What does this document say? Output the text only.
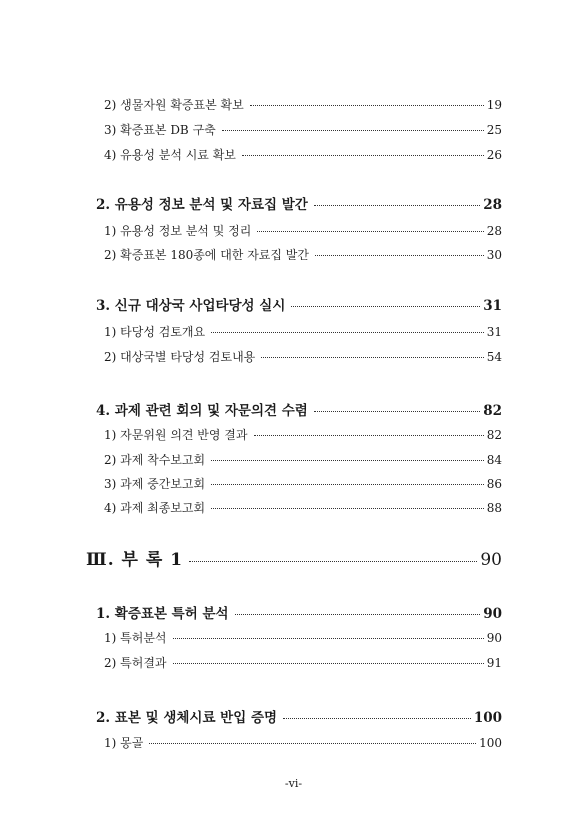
2) 생물자원 확증표본 확보	19
3) 확증표본 DB 구축	25
4) 유용성 분석 시료 확보	26
2. 유용성 정보 분석 및 자료집 발간	28
1) 유용성 정보 분석 및 정리	28
2) 확증표본 180종에 대한 자료집 발간	30
3. 신규 대상국 사업타당성 실시	31
1) 타당성 검토개요	31
2) 대상국별 타당성 검토내용	54
4. 과제 관련 회의 및 자문의견 수렴	82
1) 자문위원 의견 반영 결과	82
2) 과제 착수보고회	84
3) 과제 중간보고회	86
4) 과제 최종보고회	88
Ⅲ. 부 록 1	90
1. 확증표본 특허 분석	90
1) 특허분석	90
2) 특허결과	91
2. 표본 및 생체시료 반입 증명	100
1) 몽골	100
-vi-
